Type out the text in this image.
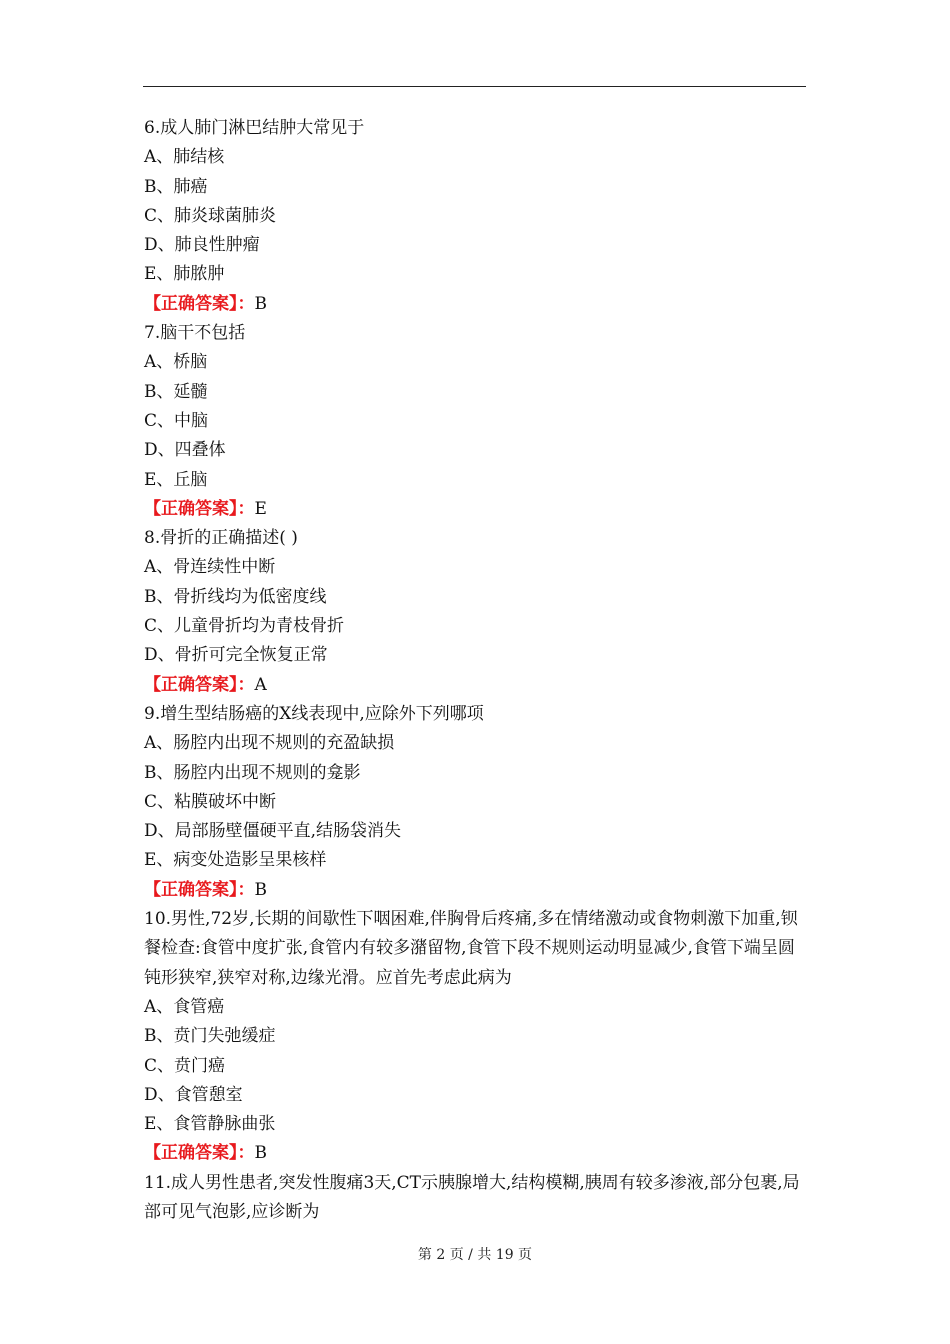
6.成人肺门淋巴结肿大常见于
A、肺结核
B、肺癌
C、肺炎球菌肺炎
D、肺良性肿瘤
E、肺脓肿
【正确答案】：B
7.脑干不包括
A、桥脑
B、延髓
C、中脑
D、四叠体
E、丘脑
【正确答案】：E
8.骨折的正确描述( )
A、骨连续性中断
B、骨折线均为低密度线
C、儿童骨折均为青枝骨折
D、骨折可完全恢复正常
【正确答案】：A
9.增生型结肠癌的X线表现中,应除外下列哪项
A、肠腔内出现不规则的充盈缺损
B、肠腔内出现不规则的龛影
C、粘膜破坏中断
D、局部肠壁僵硬平直,结肠袋消失
E、病变处造影呈果核样
【正确答案】：B
10.男性,72岁,长期的间歇性下咽困难,伴胸骨后疼痛,多在情绪激动或食物刺激下加重,钡餐检查:食管中度扩张,食管内有较多潴留物,食管下段不规则运动明显减少,食管下端呈圆钝形狭窄,狭窄对称,边缘光滑。应首先考虑此病为
A、食管癌
B、贲门失弛缓症
C、贲门癌
D、食管憩室
E、食管静脉曲张
【正确答案】：B
11.成人男性患者,突发性腹痛3天,CT示胰腺增大,结构模糊,胰周有较多渗液,部分包裹,局部可见气泡影,应诊断为
第 2 页 / 共 19 页
